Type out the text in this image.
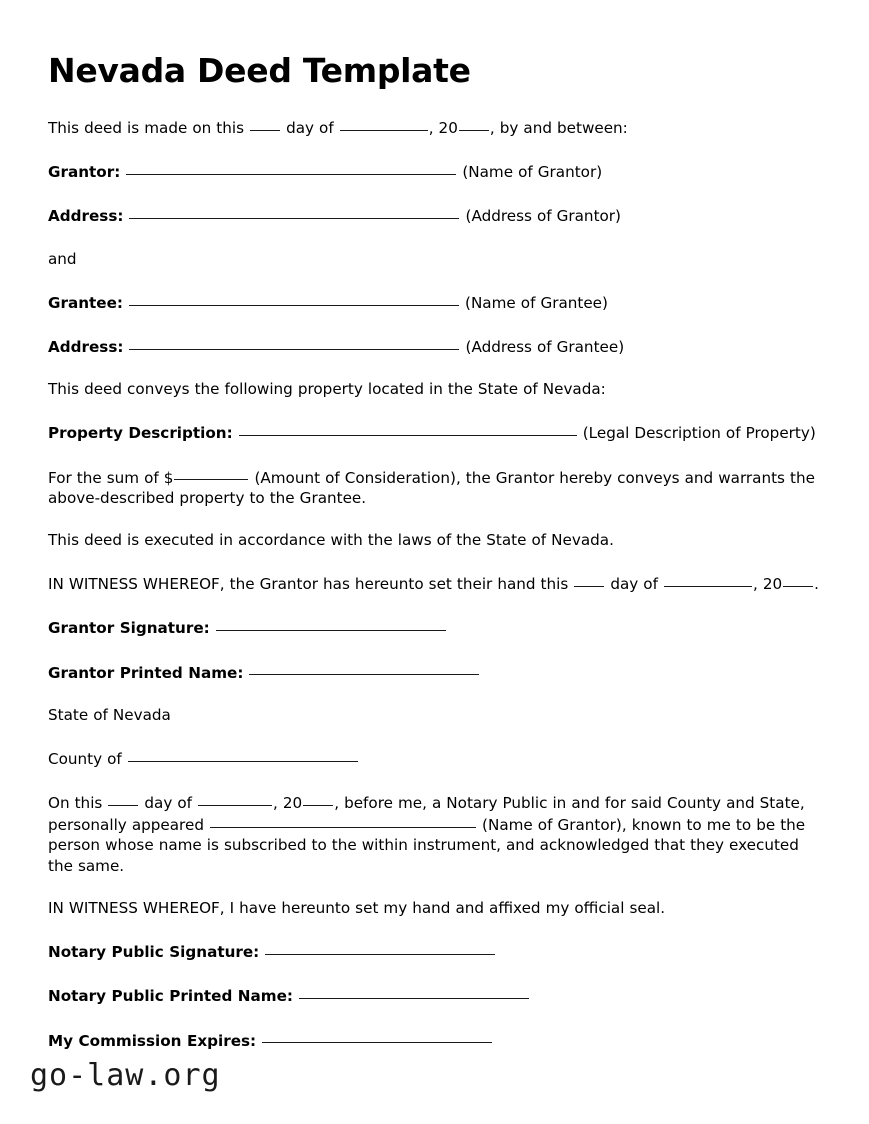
Nevada Deed Template

This deed is made on this	day of	, 20 , by and between:

Grantor:	(Name of Grantor)

Address:	(Address of Grantor)

and

Grantee:	(Name of Grantee)

Address:	(Address of Grantee)

This deed conveys the following property located in the State of Nevada:

Property Description:	(Legal Description of Property)

For the sum of $	(Amount of Consideration), the Grantor hereby conveys and warrants the above-described property to the Grantee.

This deed is executed in accordance with the laws of the State of Nevada.

IN WITNESS WHEREOF, the Grantor has hereunto set their hand this	day of	, 20 .

Grantor Signature:

Grantor Printed Name:

State of Nevada

County of

On this	day of	, 20 , before me, a Notary Public in and for said County and State, personally appeared	(Name of Grantor), known to me to be the person whose name is subscribed to the within instrument, and acknowledged that they executed the same.

IN WITNESS WHEREOF, I have hereunto set my hand and affixed my official seal.

Notary Public Signature:

Notary Public Printed Name:

My Commission Expires:

go-law.org
